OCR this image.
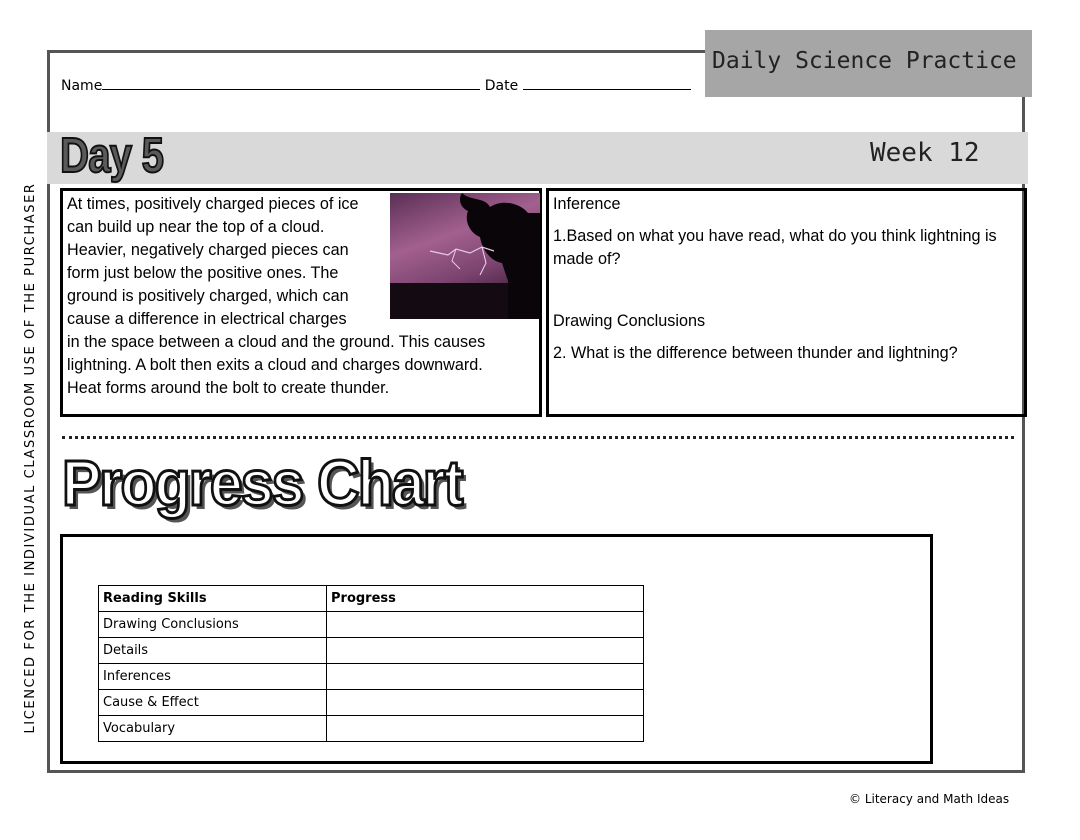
LICENCED FOR THE INDIVIDUAL CLASSROOM USE OF THE PURCHASER
Name	Date
Daily Science Practice
Day 5	Week 12
At times, positively charged pieces of ice
can build up near the top of a cloud.
Heavier, negatively charged pieces can
form just below the positive ones. The
ground is positively charged, which can
cause a difference in electrical charges
in the space between a cloud and the ground. This causes
lightning. A bolt then exits a cloud and charges downward.
Heat forms around the bolt to create thunder.
Inference
1.Based on what you have read, what do you think lightning is made of?
Drawing Conclusions
2. What is the difference between thunder and lightning?
Progress Chart
Reading Skills	Progress
Drawing Conclusions	
Details	
Inferences	
Cause & Effect	
Vocabulary	
© Literacy and Math Ideas
